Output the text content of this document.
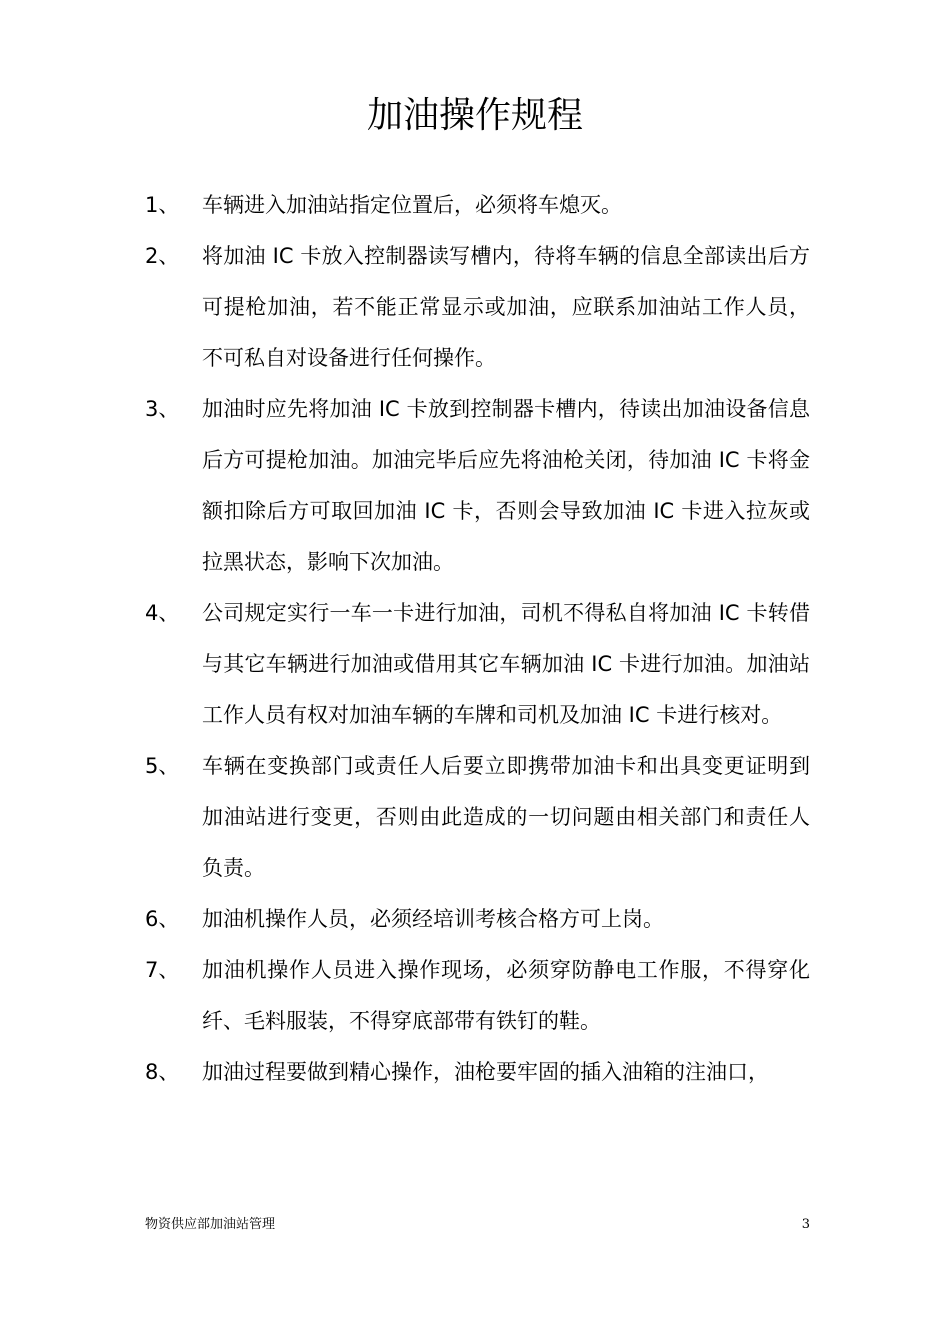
加油操作规程
1、	车辆进入加油站指定位置后，必须将车熄灭。
2、	将加油 IC 卡放入控制器读写槽内，待将车辆的信息全部读出后方可提枪加油，若不能正常显示或加油，应联系加油站工作人员，不可私自对设备进行任何操作。
3、	加油时应先将加油 IC 卡放到控制器卡槽内，待读出加油设备信息后方可提枪加油。加油完毕后应先将油枪关闭，待加油 IC 卡将金额扣除后方可取回加油 IC 卡，否则会导致加油 IC 卡进入拉灰或拉黑状态，影响下次加油。
4、	公司规定实行一车一卡进行加油，司机不得私自将加油 IC 卡转借与其它车辆进行加油或借用其它车辆加油 IC 卡进行加油。加油站工作人员有权对加油车辆的车牌和司机及加油 IC 卡进行核对。
5、	车辆在变换部门或责任人后要立即携带加油卡和出具变更证明到加油站进行变更，否则由此造成的一切问题由相关部门和责任人负责。
6、	加油机操作人员，必须经培训考核合格方可上岗。
7、	加油机操作人员进入操作现场，必须穿防静电工作服，不得穿化纤、毛料服装，不得穿底部带有铁钉的鞋。
8、	加油过程要做到精心操作，油枪要牢固的插入油箱的注油口，
物资供应部加油站管理	3
